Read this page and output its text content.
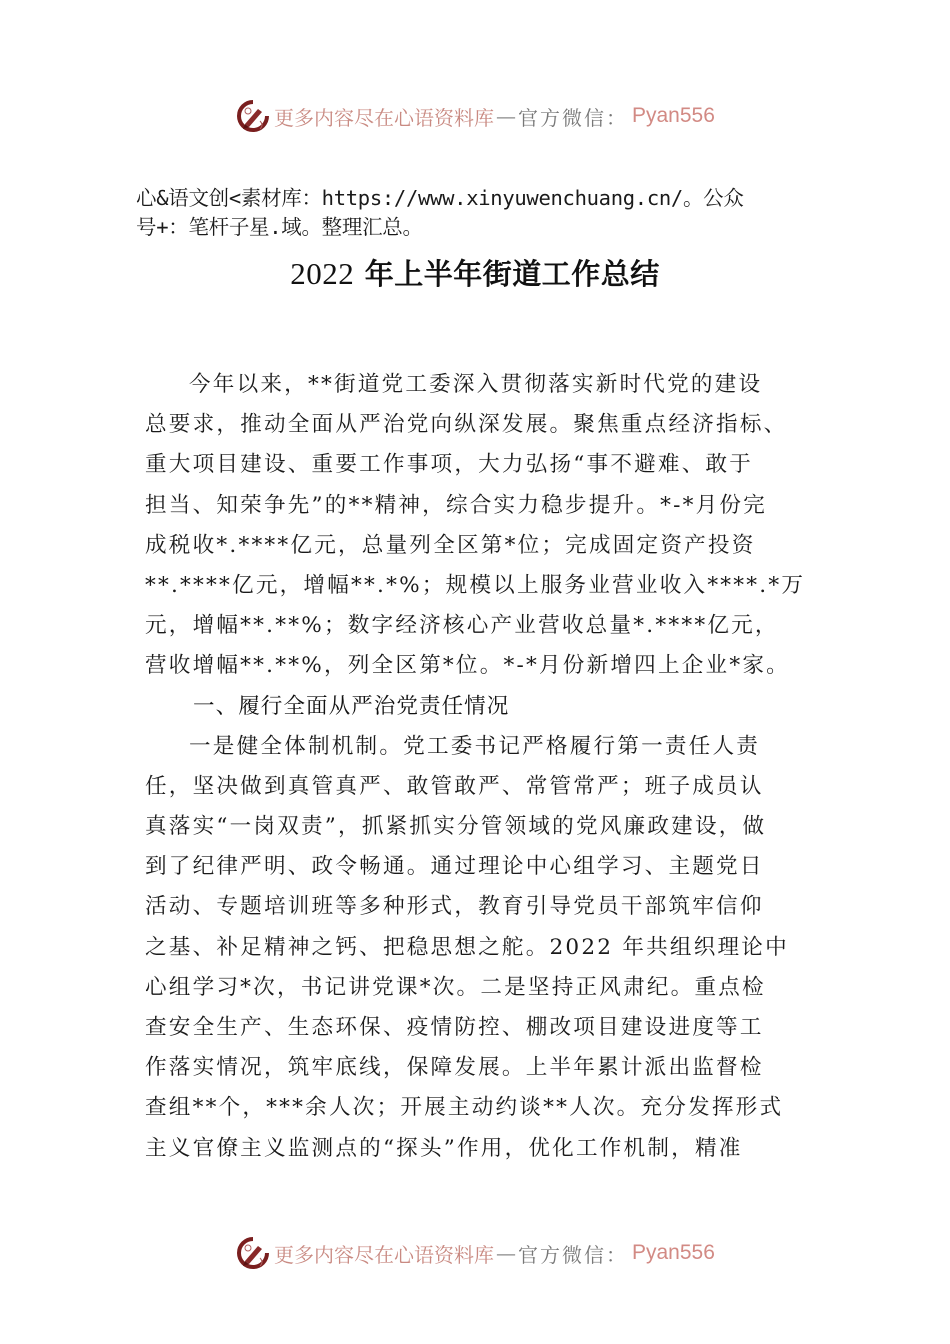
更多内容尽在心语资料库 — 官方微信： Pyan556
心&语文创<素材库：https://www.xinyuwenchuang.cn/。公众
号+：笔杆子星.域。整理汇总。
2022 年上半年街道工作总结
今年以来，**街道党工委深入贯彻落实新时代党的建设
总要求，推动全面从严治党向纵深发展。聚焦重点经济指标、
重大项目建设、重要工作事项，大力弘扬“事不避难、敢于
担当、知荣争先”的**精神，综合实力稳步提升。*-*月份完
成税收*.****亿元，总量列全区第*位；完成固定资产投资
**.****亿元，增幅**.*%；规模以上服务业营业收入****.*万
元，增幅**.**%；数字经济核心产业营收总量*.****亿元，
营收增幅**.**%，列全区第*位。*-*月份新增四上企业*家。
一、履行全面从严治党责任情况
一是健全体制机制。党工委书记严格履行第一责任人责
任，坚决做到真管真严、敢管敢严、常管常严；班子成员认
真落实“一岗双责”，抓紧抓实分管领域的党风廉政建设，做
到了纪律严明、政令畅通。通过理论中心组学习、主题党日
活动、专题培训班等多种形式，教育引导党员干部筑牢信仰
之基、补足精神之钙、把稳思想之舵。2022 年共组织理论中
心组学习*次，书记讲党课*次。二是坚持正风肃纪。重点检
查安全生产、生态环保、疫情防控、棚改项目建设进度等工
作落实情况，筑牢底线，保障发展。上半年累计派出监督检
查组**个，***余人次；开展主动约谈**人次。充分发挥形式
主义官僚主义监测点的“探头”作用，优化工作机制，精准
更多内容尽在心语资料库 — 官方微信： Pyan556
